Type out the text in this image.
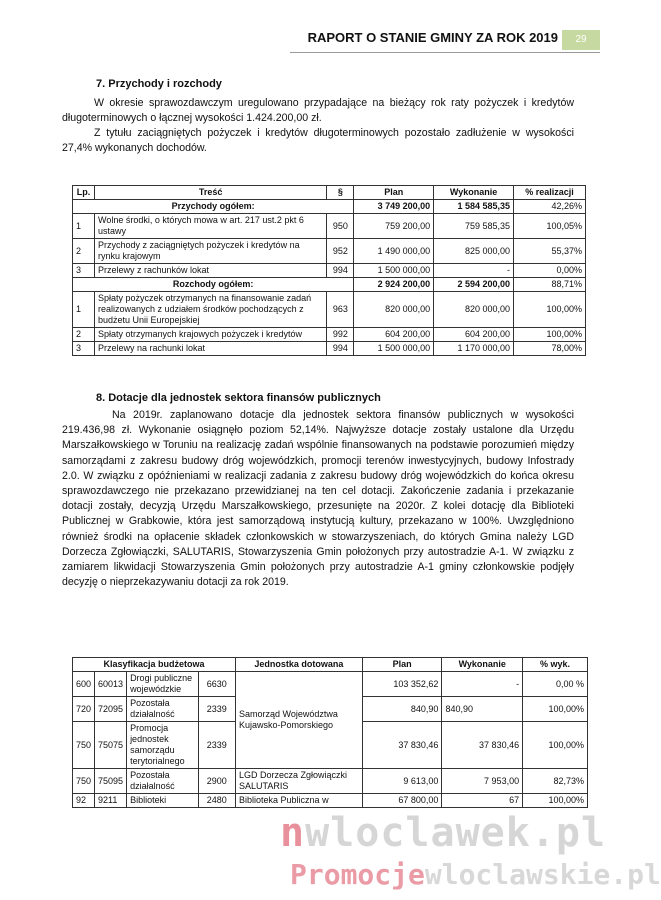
RAPORT O STANIE GMINY ZA ROK 2019	29
7. Przychody i rozchody
W okresie sprawozdawczym uregulowano przypadające na bieżący rok raty pożyczek i kredytów długoterminowych o łącznej wysokości 1.424.200,00 zł.
Z tytułu zaciągniętych pożyczek i kredytów długoterminowych pozostało zadłużenie w wysokości 27,4% wykonanych dochodów.
Lp.	Treść	§	Plan	Wykonanie	% realizacji
Przychody ogółem:			3 749 200,00	1 584 585,35	42,26%
1	Wolne środki, o których mowa w art. 217 ust.2 pkt 6 ustawy	950	759 200,00	759 585,35	100,05%
2	Przychody z zaciągniętych pożyczek i kredytów na rynku krajowym	952	1 490 000,00	825 000,00	55,37%
3	Przelewy z rachunków lokat	994	1 500 000,00	-	0,00%
Rozchody ogółem:			2 924 200,00	2 594 200,00	88,71%
1	Spłaty pożyczek otrzymanych na finansowanie zadań realizowanych z udziałem środków pochodzących z budżetu Unii Europejskiej	963	820 000,00	820 000,00	100,00%
2	Spłaty otrzymanych krajowych pożyczek i kredytów	992	604 200,00	604 200,00	100,00%
3	Przelewy na rachunki lokat	994	1 500 000,00	1 170 000,00	78,00%
8. Dotacje dla jednostek sektora finansów publicznych
Na 2019r. zaplanowano dotacje dla jednostek sektora finansów publicznych w wysokości 219.436,98 zł. Wykonanie osiągnęło poziom 52,14%. Najwyższe dotacje zostały ustalone dla Urzędu Marszałkowskiego w Toruniu na realizację zadań wspólnie finansowanych na podstawie porozumień między samorządami z zakresu budowy dróg wojewódzkich, promocji terenów inwestycyjnych, budowy Infostrady 2.0. W związku z opóźnieniami w realizacji zadania z zakresu budowy dróg wojewódzkich do końca okresu sprawozdawczego nie przekazano przewidzianej na ten cel dotacji. Zakończenie zadania i przekazanie dotacji zostały, decyzją Urzędu Marszałkowskiego, przesunięte na 2020r. Z kolei dotację dla Biblioteki Publicznej w Grabkowie, która jest samorządową instytucją kultury, przekazano w 100%. Uwzględniono również środki na opłacenie składek członkowskich w stowarzyszeniach, do których Gmina należy LGD Dorzecza Zgłowiączki, SALUTARIS, Stowarzyszenia Gmin położonych przy autostradzie A-1. W związku z zamiarem likwidacji Stowarzyszenia Gmin położonych przy autostradzie A-1 gminy członkowskie podjęły decyzję o nieprzekazywaniu dotacji za rok 2019.
Klasyfikacja budżetowa				Jednostka dotowana	Plan	Wykonanie	% wyk.
600	60013	Drogi publiczne wojewódzkie	6630	Samorząd Województwa Kujawsko-Pomorskiego	103 352,62	-	0,00 %
720	72095	Pozostała działalność	2339		840,90	840,90	100,00%
750	75075	Promocja jednostek samorządu terytorialnego	2339		37 830,46	37 830,46	100,00%
750	75095	Pozostała działalność	2900	LGD Dorzecza Zgłowiączki SALUTARIS	9 613,00	7 953,00	82,73%
92	9211	Biblioteki	2480	Biblioteka Publiczna w	67 800,00	67	100,00%
nwloclawek.pl
Promocjewloclawskie.pl
